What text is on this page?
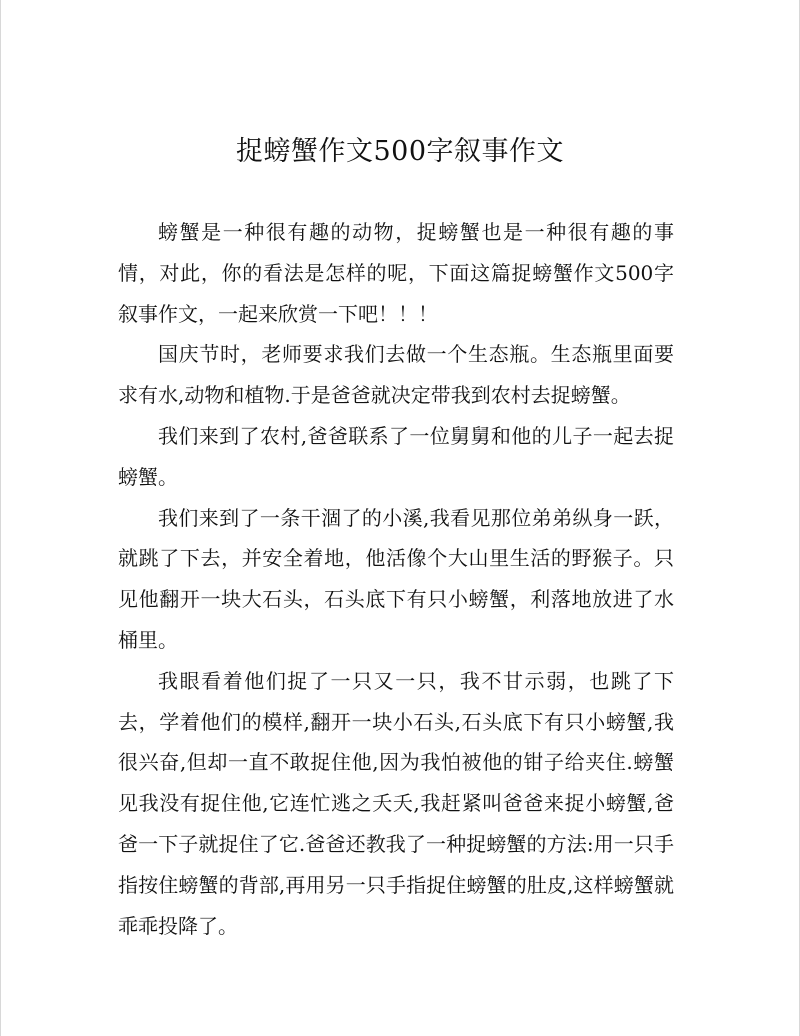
捉螃蟹作文500字叙事作文

螃蟹是一种很有趣的动物，捉螃蟹也是一种很有趣的事情，对此，你的看法是怎样的呢，下面这篇捉螃蟹作文500字叙事作文，一起来欣赏一下吧！！！

国庆节时，老师要求我们去做一个生态瓶。生态瓶里面要求有水,动物和植物.于是爸爸就决定带我到农村去捉螃蟹。

我们来到了农村,爸爸联系了一位舅舅和他的儿子一起去捉螃蟹。

我们来到了一条干涸了的小溪,我看见那位弟弟纵身一跃，就跳了下去，并安全着地，他活像个大山里生活的野猴子。只见他翻开一块大石头，石头底下有只小螃蟹，利落地放进了水桶里。

我眼看着他们捉了一只又一只，我不甘示弱，也跳了下去，学着他们的模样,翻开一块小石头,石头底下有只小螃蟹,我很兴奋,但却一直不敢捉住他,因为我怕被他的钳子给夹住.螃蟹见我没有捉住他,它连忙逃之夭夭,我赶紧叫爸爸来捉小螃蟹,爸爸一下子就捉住了它.爸爸还教我了一种捉螃蟹的方法:用一只手指按住螃蟹的背部,再用另一只手指捉住螃蟹的肚皮,这样螃蟹就乖乖投降了。
